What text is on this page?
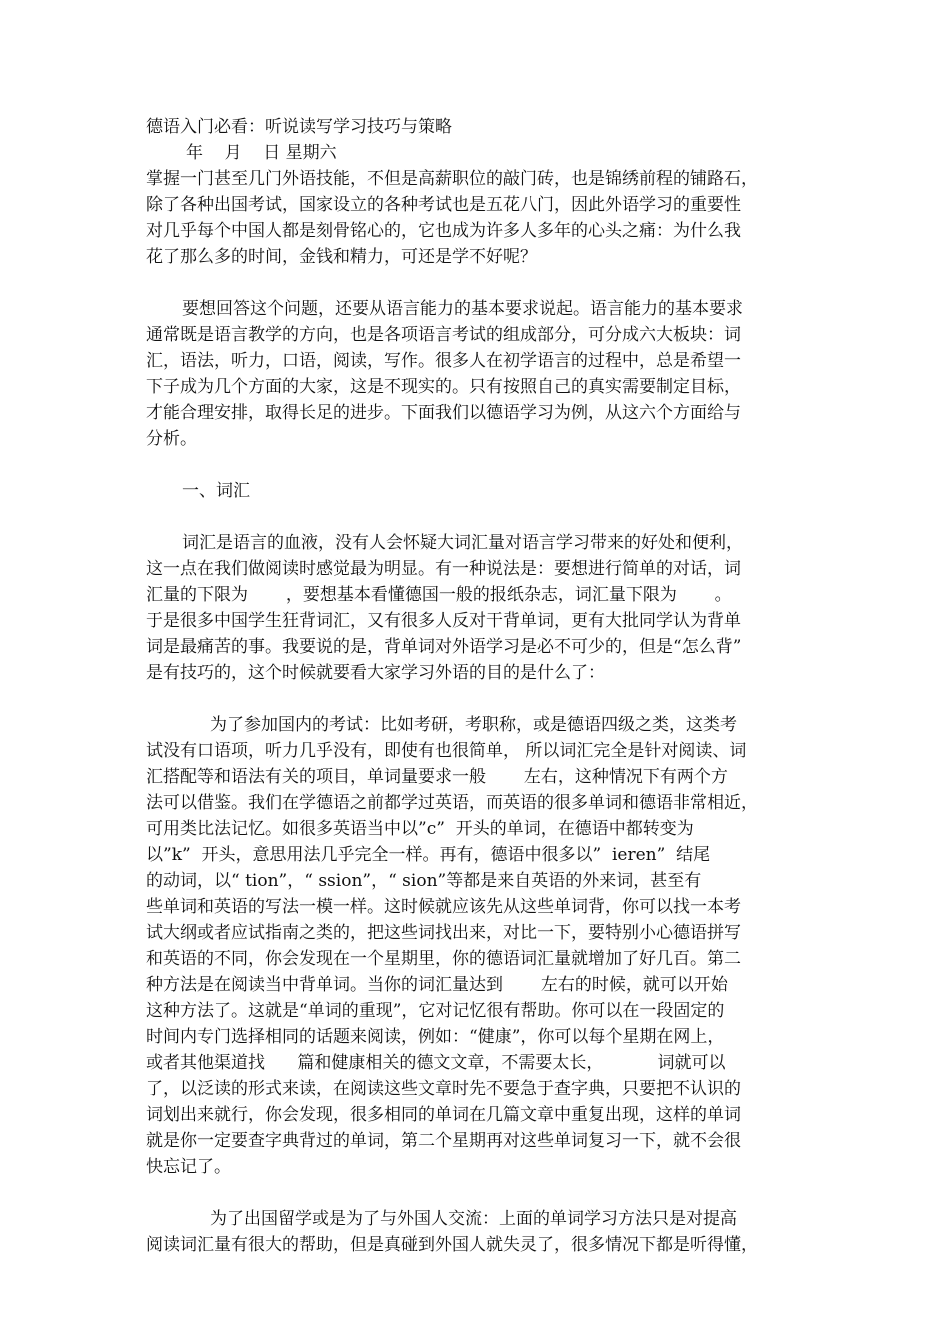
德语入门必看：听说读写学习技巧与策略
年    月    日 星期六
掌握一门甚至几门外语技能，不但是高薪职位的敲门砖，也是锦绣前程的铺路石，
除了各种出国考试，国家设立的各种考试也是五花八门，因此外语学习的重要性
对几乎每个中国人都是刻骨铭心的，它也成为许多人多年的心头之痛：为什么我
花了那么多的时间，金钱和精力，可还是学不好呢？
要想回答这个问题，还要从语言能力的基本要求说起。语言能力的基本要求
通常既是语言教学的方向，也是各项语言考试的组成部分，可分成六大板块：词
汇，语法，听力，口语，阅读，写作。很多人在初学语言的过程中，总是希望一
下子成为几个方面的大家，这是不现实的。只有按照自己的真实需要制定目标，
才能合理安排，取得长足的进步。下面我们以德语学习为例，从这六个方面给与
分析。
一、词汇
词汇是语言的血液，没有人会怀疑大词汇量对语言学习带来的好处和便利，
这一点在我们做阅读时感觉最为明显。有一种说法是：要想进行简单的对话，词
汇量的下限为       ，要想基本看懂德国一般的报纸杂志，词汇量下限为       。
于是很多中国学生狂背词汇，又有很多人反对干背单词，更有大批同学认为背单
词是最痛苦的事。我要说的是，背单词对外语学习是必不可少的，但是“怎么背”
是有技巧的，这个时候就要看大家学习外语的目的是什么了：
为了参加国内的考试：比如考研，考职称，或是德语四级之类，这类考
试没有口语项，听力几乎没有，即使有也很简单， 所以词汇完全是针对阅读、词
汇搭配等和语法有关的项目，单词量要求一般       左右，这种情况下有两个方
法可以借鉴。我们在学德语之前都学过英语，而英语的很多单词和德语非常相近，
可用类比法记忆。如很多英语当中以”c”  开头的单词，在德语中都转变为
以”k”  开头，意思用法几乎完全一样。再有，德语中很多以”  ieren”  结尾
的动词，以“ tion”，“ ssion”，“ sion”等都是来自英语的外来词，甚至有
些单词和英语的写法一模一样。这时候就应该先从这些单词背，你可以找一本考
试大纲或者应试指南之类的，把这些词找出来，对比一下，要特别小心德语拼写
和英语的不同，你会发现在一个星期里，你的德语词汇量就增加了好几百。第二
种方法是在阅读当中背单词。当你的词汇量达到       左右的时候，就可以开始
这种方法了。这就是“单词的重现”，它对记忆很有帮助。你可以在一段固定的
时间内专门选择相同的话题来阅读，例如：“健康”，你可以每个星期在网上，
或者其他渠道找      篇和健康相关的德文文章，不需要太长，          词就可以
了，以泛读的形式来读，在阅读这些文章时先不要急于查字典，只要把不认识的
词划出来就行，你会发现，很多相同的单词在几篇文章中重复出现，这样的单词
就是你一定要查字典背过的单词，第二个星期再对这些单词复习一下，就不会很
快忘记了。
为了出国留学或是为了与外国人交流：上面的单词学习方法只是对提高
阅读词汇量有很大的帮助，但是真碰到外国人就失灵了，很多情况下都是听得懂，
